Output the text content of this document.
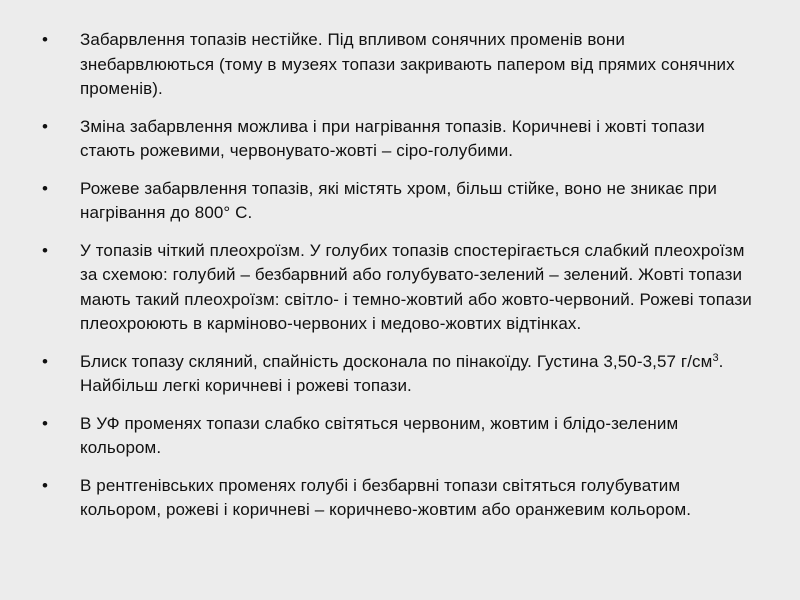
•	Забарвлення топазів нестійке. Під впливом сонячних променів вони знебарвлюються (тому в музеях топази закривають папером від прямих сонячних променів).
•	Зміна забарвлення можлива і при нагрівання топазів. Коричневі і жовті топази стають рожевими, червонувато-жовті – сіро-голубими.
•	Рожеве забарвлення топазів, які містять хром, більш стійке, воно не зникає при нагрівання до 800° С.
•	У топазів чіткий плеохроїзм. У голубих топазів спостерігається слабкий плеохроїзм за схемою: голубий – безбарвний або голубувато-зелений – зелений. Жовті топази мають такий плеохроїзм: світло- і темно-жовтий або жовто-червоний. Рожеві топази плеохроюють в карміново-червоних і медово-жовтих відтінках.
•	Блиск топазу скляний, спайність досконала по пінакоїду. Густина 3,50-3,57 $г/см^3$. Найбільш легкі коричневі і рожеві топази.
•	В УФ променях топази слабко світяться червоним, жовтим і блідо-зеленим кольором.
•	В рентгенівських променях голубі і безбарвні топази світяться голубуватим кольором, рожеві і коричневі – коричнево-жовтим або оранжевим кольором.
